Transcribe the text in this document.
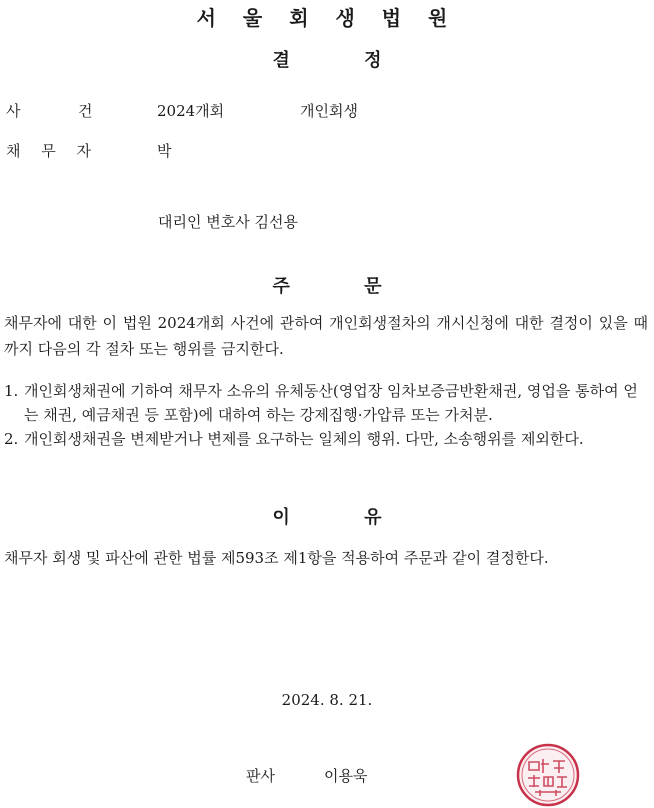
서 울 회 생 법 원
결 정
사	건	2024개회	개인회생
채 무 자	박
대리인 변호사 김선용
주 문
채무자에 대한 이 법원 2024개회 사건에 관하여 개인회생절차의 개시신청에 대한 결정이 있을 때까지 다음의 각 절차 또는 행위를 금지한다.
1. 개인회생채권에 기하여 채무자 소유의 유체동산(영업장 임차보증금반환채권, 영업을 통하여 얻는 채권, 예금채권 등 포함)에 대하여 하는 강제집행·가압류 또는 가처분.
2. 개인회생채권을 변제받거나 변제를 요구하는 일체의 행위. 다만, 소송행위를 제외한다.
이 유
채무자 회생 및 파산에 관한 법률 제593조 제1항을 적용하여 주문과 같이 결정한다.
2024. 8. 21.
판사	이용욱
